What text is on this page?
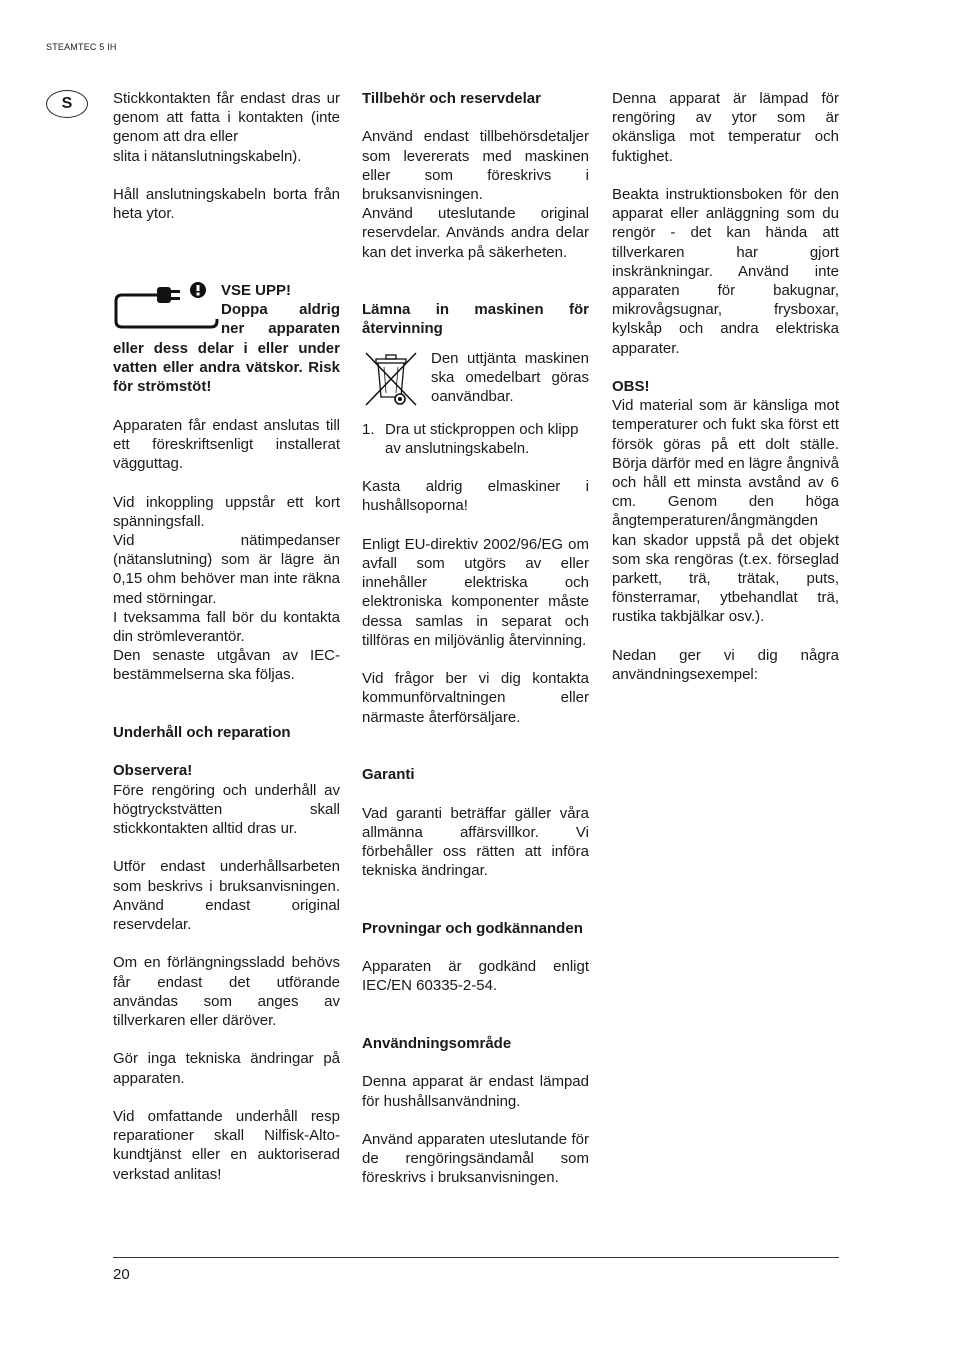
STEAMTEC 5 IH
S	Stickkontakten får endast dras ur genom att fatta i kontakten (inte genom att dra eller

slita i nätanslutningskabeln).

Håll anslutningskabeln borta från heta ytor.

VSE UPP!
Doppa aldrig
ner apparaten

eller dess delar i eller under vatten eller andra vätskor. Risk för strömstöt!

Apparaten får endast anslutas till ett föreskriftsenligt installerat vägguttag.

Vid inkoppling uppstår ett kort spänningsfall.

Vid nätimpedanser (nätanslutning) som är lägre än 0,15 ohm behöver man inte räkna med störningar.

I tveksamma fall bör du kontakta din strömleverantör.

Den senaste utgåvan av IEC-bestämmelserna ska följas.

Underhåll och reparation

Observera!

Före rengöring och underhåll av högtryckstvätten skall stickkontakten alltid dras ur.

Utför endast underhållsarbeten som beskrivs i bruksanvisningen. Använd endast original reservdelar.

Om en förlängningssladd behövs får endast det utförande användas som anges av tillverkaren eller däröver.

Gör inga tekniska ändringar på apparaten.

Vid omfattande underhåll resp reparationer skall Nilfisk-Alto-kundtjänst eller en auktoriserad verkstad anlitas!

Tillbehör och reservdelar

Använd endast tillbehörsdetaljer som levererats med maskinen eller som föreskrivs i bruksanvisningen.

Använd uteslutande original reservdelar. Används andra delar kan det inverka på säkerheten.

Lämna in maskinen för återvinning

Den uttjänta maskinen ska omedelbart göras oanvändbar.

1. Dra ut stickproppen och klipp av anslutningskabeln.

Kasta aldrig elmaskiner i hushållsoporna!

Enligt EU-direktiv 2002/96/EG om avfall som utgörs av eller innehåller elektriska och elektroniska komponenter måste dessa samlas in separat och tillföras en miljövänlig återvinning.

Vid frågor ber vi dig kontakta kommunförvaltningen eller närmaste återförsäljare.

Garanti

Vad garanti beträffar gäller våra allmänna affärsvillkor. Vi förbehåller oss rätten att införa tekniska ändringar.

Provningar och godkännanden

Apparaten är godkänd enligt IEC/EN 60335-2-54.

Användningsområde

Denna apparat är endast lämpad för hushållsanvändning.

Använd apparaten uteslutande för de rengöringsändamål som föreskrivs i bruksanvisningen.

Denna apparat är lämpad för rengöring av ytor som är okänsliga mot temperatur och fuktighet.

Beakta instruktionsboken för den apparat eller anläggning som du rengör - det kan hända att tillverkaren har gjort inskränkningar. Använd inte apparaten för bakugnar, mikrovågsugnar, frysboxar, kylskåp och andra elektriska apparater.

OBS!

Vid material som är känsliga mot temperaturer och fukt ska först ett försök göras på ett dolt ställe. Börja därför med en lägre ångnivå och håll ett minsta avstånd av 6 cm. Genom den höga ångtemperaturen/ångmängden kan skador uppstå på det objekt som ska rengöras (t.ex. förseglad parkett, trä, trätak, puts, fönsterramar, ytbehandlat trä, rustika takbjälkar osv.).

Nedan ger vi dig några användningsexempel:

20
